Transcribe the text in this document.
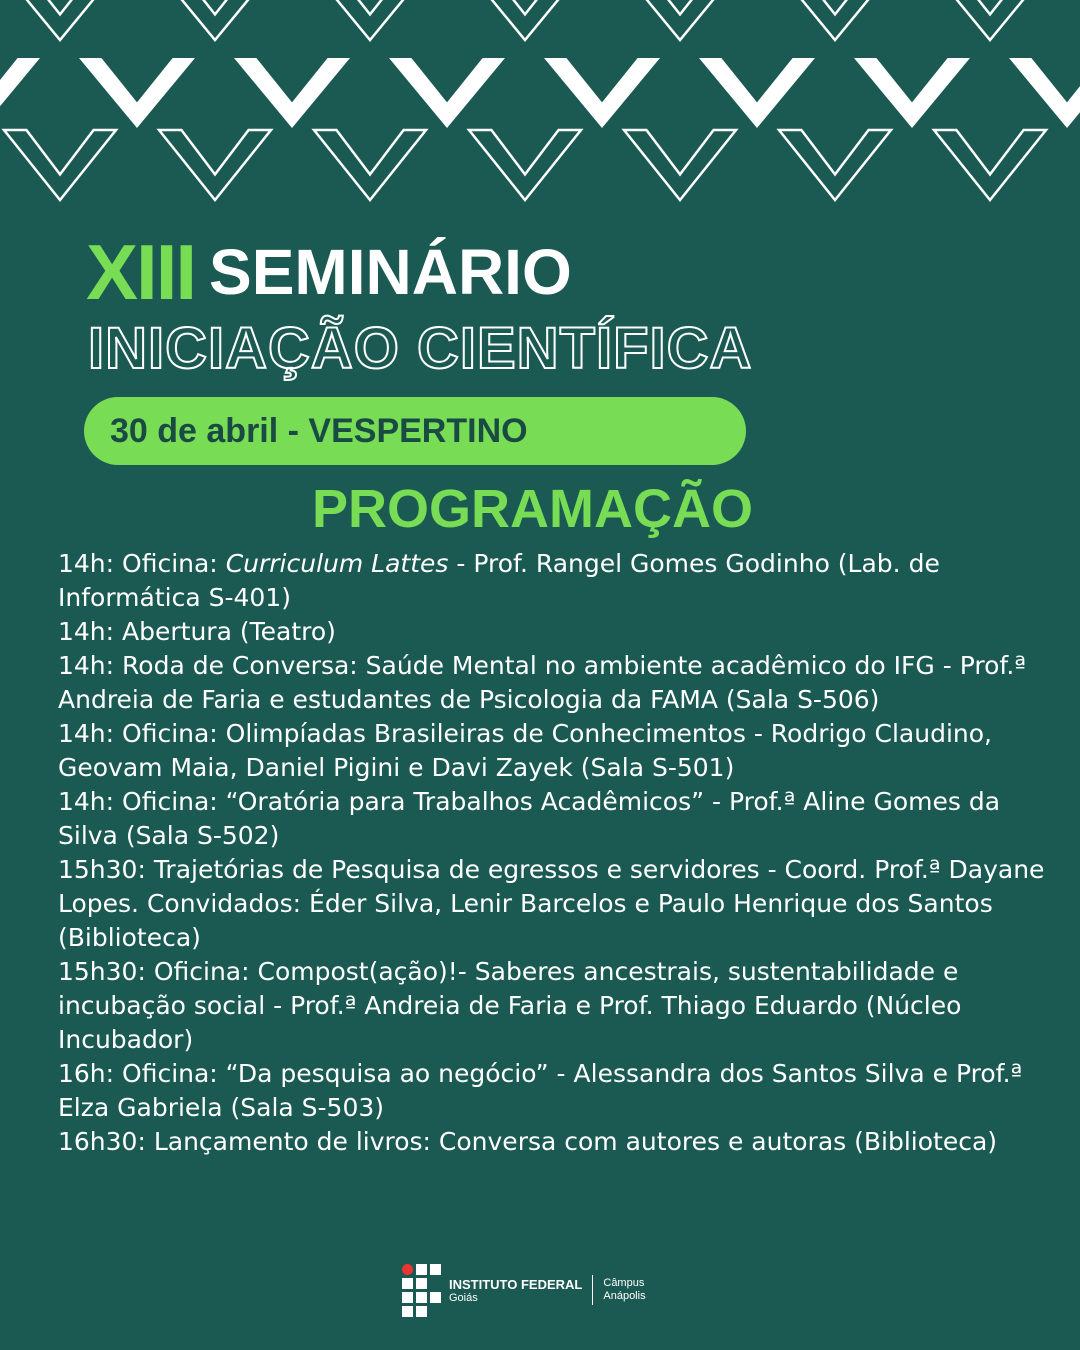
XIII SEMINÁRIO
INICIAÇÃO CIENTÍFICA
30 de abril - VESPERTINO
PROGRAMAÇÃO
14h: Oficina: Curriculum Lattes - Prof. Rangel Gomes Godinho (Lab. de Informática S-401)
14h: Abertura (Teatro)
14h: Roda de Conversa: Saúde Mental no ambiente acadêmico do IFG - Prof.ª Andreia de Faria e estudantes de Psicologia da FAMA (Sala S-506)
14h: Oficina: Olimpíadas Brasileiras de Conhecimentos - Rodrigo Claudino, Geovam Maia, Daniel Pigini e Davi Zayek (Sala S-501)
14h: Oficina: “Oratória para Trabalhos Acadêmicos” - Prof.ª Aline Gomes da Silva (Sala S-502)
15h30: Trajetórias de Pesquisa de egressos e servidores - Coord. Prof.ª Dayane Lopes. Convidados: Éder Silva, Lenir Barcelos e Paulo Henrique dos Santos (Biblioteca)
15h30: Oficina: Compost(ação)!- Saberes ancestrais, sustentabilidade e incubação social - Prof.ª Andreia de Faria e Prof. Thiago Eduardo (Núcleo Incubador)
16h: Oficina: “Da pesquisa ao negócio” - Alessandra dos Santos Silva e Prof.ª Elza Gabriela (Sala S-503)
16h30: Lançamento de livros: Conversa com autores e autoras (Biblioteca)
INSTITUTO FEDERAL
Goiás
Câmpus
Anápolis
